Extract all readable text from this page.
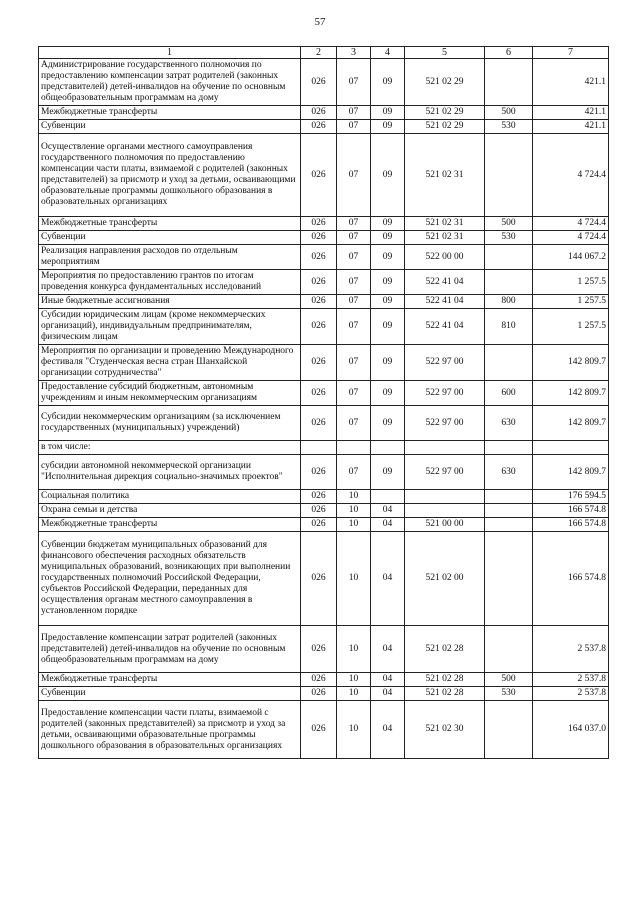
57
1	2	3	4	5	6	7
Администрирование государственного полномочия по предоставлению компенсации затрат родителей (законных представителей) детей-инвалидов на обучение по основным общеобразовательным программам на дому	026	07	09	521 02 29		421.1
Межбюджетные трансферты	026	07	09	521 02 29	500	421.1
Субвенции	026	07	09	521 02 29	530	421.1
Осуществление органами местного самоуправления государственного полномочия по предоставлению компенсации части платы, взимаемой с родителей (законных представителей) за присмотр и уход за детьми, осваивающими образовательные программы дошкольного образования в образовательных организациях	026	07	09	521 02 31		4 724.4
Межбюджетные трансферты	026	07	09	521 02 31	500	4 724.4
Субвенции	026	07	09	521 02 31	530	4 724.4
Реализация направления расходов по отдельным мероприятиям	026	07	09	522 00 00		144 067.2
Мероприятия по предоставлению грантов по итогам проведения конкурса фундаментальных исследований	026	07	09	522 41 04		1 257.5
Иные бюджетные ассигнования	026	07	09	522 41 04	800	1 257.5
Субсидии юридическим лицам (кроме некоммерческих организаций), индивидуальным предпринимателям, физическим лицам	026	07	09	522 41 04	810	1 257.5
Мероприятия по организации и проведению Международного фестиваля "Студенческая весна стран Шанхайской организации сотрудничества"	026	07	09	522 97 00		142 809.7
Предоставление субсидий бюджетным, автономным учреждениям и иным некоммерческим организациям	026	07	09	522 97 00	600	142 809.7
Субсидии некоммерческим организациям (за исключением государственных (муниципальных) учреждений)	026	07	09	522 97 00	630	142 809.7
в том числе:						
субсидии автономной некоммерческой организации "Исполнительная дирекция социально-значимых проектов"	026	07	09	522 97 00	630	142 809.7
Социальная политика	026	10				176 594.5
Охрана семьи и детства	026	10	04			166 574.8
Межбюджетные трансферты	026	10	04	521 00 00		166 574.8
Субвенции бюджетам муниципальных образований для финансового обеспечения расходных обязательств муниципальных образований, возникающих при выполнении государственных полномочий Российской Федерации, субъектов Российской Федерации, переданных для осуществления органам местного самоуправления в установленном порядке	026	10	04	521 02 00		166 574.8
Предоставление компенсации затрат родителей (законных представителей) детей-инвалидов на обучение по основным общеобразовательным программам на дому	026	10	04	521 02 28		2 537.8
Межбюджетные трансферты	026	10	04	521 02 28	500	2 537.8
Субвенции	026	10	04	521 02 28	530	2 537.8
Предоставление компенсации части платы, взимаемой с родителей (законных представителей) за присмотр и уход за детьми, осваивающими образовательные программы дошкольного образования в образовательных организациях	026	10	04	521 02 30		164 037.0
